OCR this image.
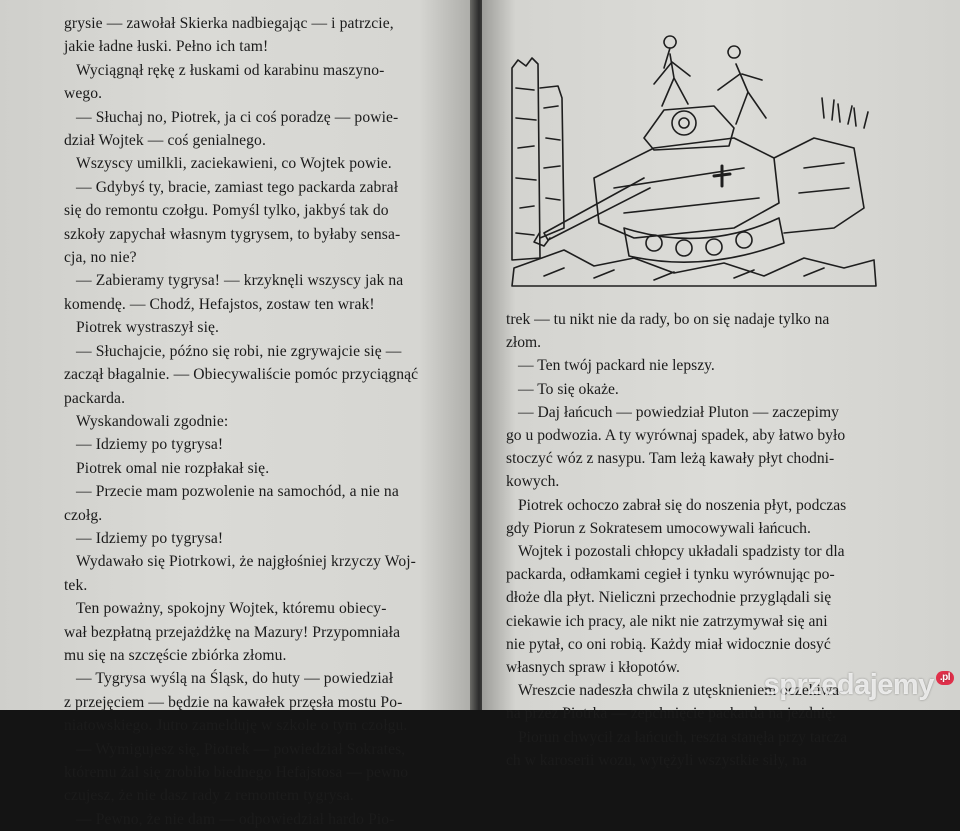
grysie — zawołał Skierka nadbiegając — i patrzcie,

jakie ładne łuski. Pełno ich tam!

Wyciągnął rękę z łuskami od karabinu maszyno-

wego.

— Słuchaj no, Piotrek, ja ci coś poradzę — powie-

dział Wojtek — coś genialnego.

Wszyscy umilkli, zaciekawieni, co Wojtek powie.

— Gdybyś ty, bracie, zamiast tego packarda zabrał

się do remontu czołgu. Pomyśl tylko, jakbyś tak do

szkoły zapychał własnym tygrysem, to byłaby sensa-

cja, no nie?

— Zabieramy tygrysa! — krzyknęli wszyscy jak na

komendę. — Chodź, Hefajstos, zostaw ten wrak!

Piotrek wystraszył się.

— Słuchajcie, późno się robi, nie zgrywajcie się —

zaczął błagalnie. — Obiecywaliście pomóc przyciągnąć

packarda.

Wyskandowali zgodnie:

— Idziemy po tygrysa!

Piotrek omal nie rozpłakał się.

— Przecie mam pozwolenie na samochód, a nie na

czołg.

— Idziemy po tygrysa!

Wydawało się Piotrkowi, że najgłośniej krzyczy Woj-

tek.

Ten poważny, spokojny Wojtek, któremu obiecy-

wał bezpłatną przejażdżkę na Mazury! Przypomniała

mu się na szczęście zbiórka złomu.

— Tygrysa wyślą na Śląsk, do huty — powiedział

z przejęciem — będzie na kawałek przęsła mostu Po-

niatowskiego. Jutro zamelduję w szkole o tym czołgu.

— Wymigujesz się, Piotrek — powiedział Sokrates,

któremu żal się zrobiło biednego Hefajstosa — pewno

czujesz, że nie dasz rady z remontem tygrysa.

— Pewno, że nie dam — odpowiedział hardo Pio-

trek — tu nikt nie da rady, bo on się nadaje tylko na

złom.

— Ten twój packard nie lepszy.

— To się okaże.

— Daj łańcuch — powiedział Pluton — zaczepimy

go u podwozia. A ty wyrównaj spadek, aby łatwo było

stoczyć wóz z nasypu. Tam leżą kawały płyt chodni-

kowych.

Piotrek ochoczo zabrał się do noszenia płyt, podczas

gdy Piorun z Sokratesem umocowywali łańcuch.

Wojtek i pozostali chłopcy układali spadzisty tor dla

packarda, odłamkami cegieł i tynku wyrównując po-

dłoże dla płyt. Nieliczni przechodnie przyglądali się

ciekawie ich pracy, ale nikt nie zatrzymywał się ani

nie pytał, co oni robią. Każdy miał widocznie dosyć

własnych spraw i kłopotów.

Wreszcie nadeszła chwila z utęsknieniem oczekiwa-

na przez Piotrka — zepchnięcie packarda na jezdnię.

Piorun chwycił za łańcuch, reszta stanęła przy tarcza

ch w karoserii wozu, wytężyli wszystkie siły, na

sprzedajemy .pl
